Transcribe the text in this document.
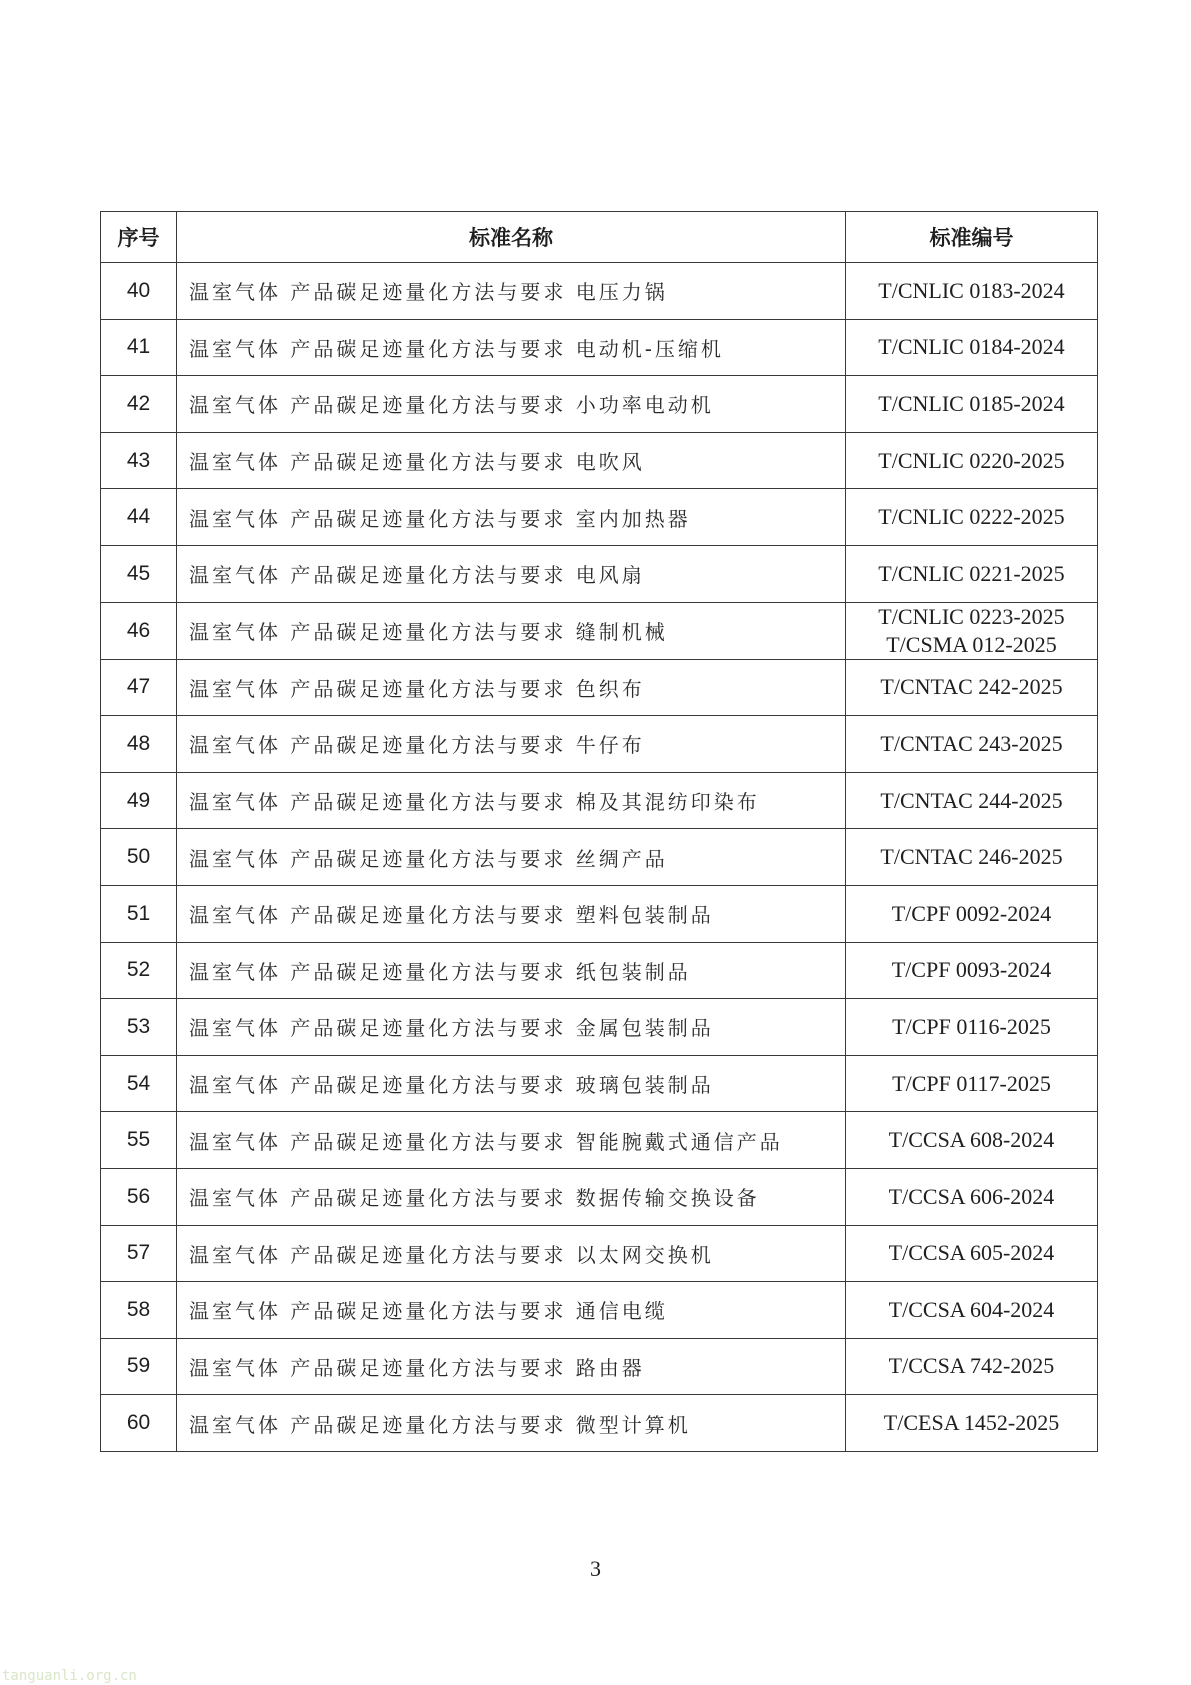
序号	标准名称	标准编号
40	温室气体 产品碳足迹量化方法与要求 电压力锅	T/CNLIC 0183-2024

41	温室气体 产品碳足迹量化方法与要求 电动机-压缩机	T/CNLIC 0184-2024

42	温室气体 产品碳足迹量化方法与要求 小功率电动机	T/CNLIC 0185-2024

43	温室气体 产品碳足迹量化方法与要求 电吹风	T/CNLIC 0220-2025

44	温室气体 产品碳足迹量化方法与要求 室内加热器	T/CNLIC 0222-2025

45	温室气体 产品碳足迹量化方法与要求 电风扇	T/CNLIC 0221-2025

46	温室气体 产品碳足迹量化方法与要求 缝制机械	T/CNLIC 0223-2025
T/CSMA 012-2025

47	温室气体 产品碳足迹量化方法与要求 色织布	T/CNTAC 242-2025

48	温室气体 产品碳足迹量化方法与要求 牛仔布	T/CNTAC 243-2025

49	温室气体 产品碳足迹量化方法与要求 棉及其混纺印染布	T/CNTAC 244-2025

50	温室气体 产品碳足迹量化方法与要求 丝绸产品	T/CNTAC 246-2025

51	温室气体 产品碳足迹量化方法与要求 塑料包装制品	T/CPF 0092-2024

52	温室气体 产品碳足迹量化方法与要求 纸包装制品	T/CPF 0093-2024

53	温室气体 产品碳足迹量化方法与要求 金属包装制品	T/CPF 0116-2025

54	温室气体 产品碳足迹量化方法与要求 玻璃包装制品	T/CPF 0117-2025

55	温室气体 产品碳足迹量化方法与要求 智能腕戴式通信产品	T/CCSA 608-2024

56	温室气体 产品碳足迹量化方法与要求 数据传输交换设备	T/CCSA 606-2024

57	温室气体 产品碳足迹量化方法与要求 以太网交换机	T/CCSA 605-2024

58	温室气体 产品碳足迹量化方法与要求 通信电缆	T/CCSA 604-2024

59	温室气体 产品碳足迹量化方法与要求 路由器	T/CCSA 742-2025

60	温室气体 产品碳足迹量化方法与要求 微型计算机	T/CESA 1452-2025
3
tanguanli.org.cn
